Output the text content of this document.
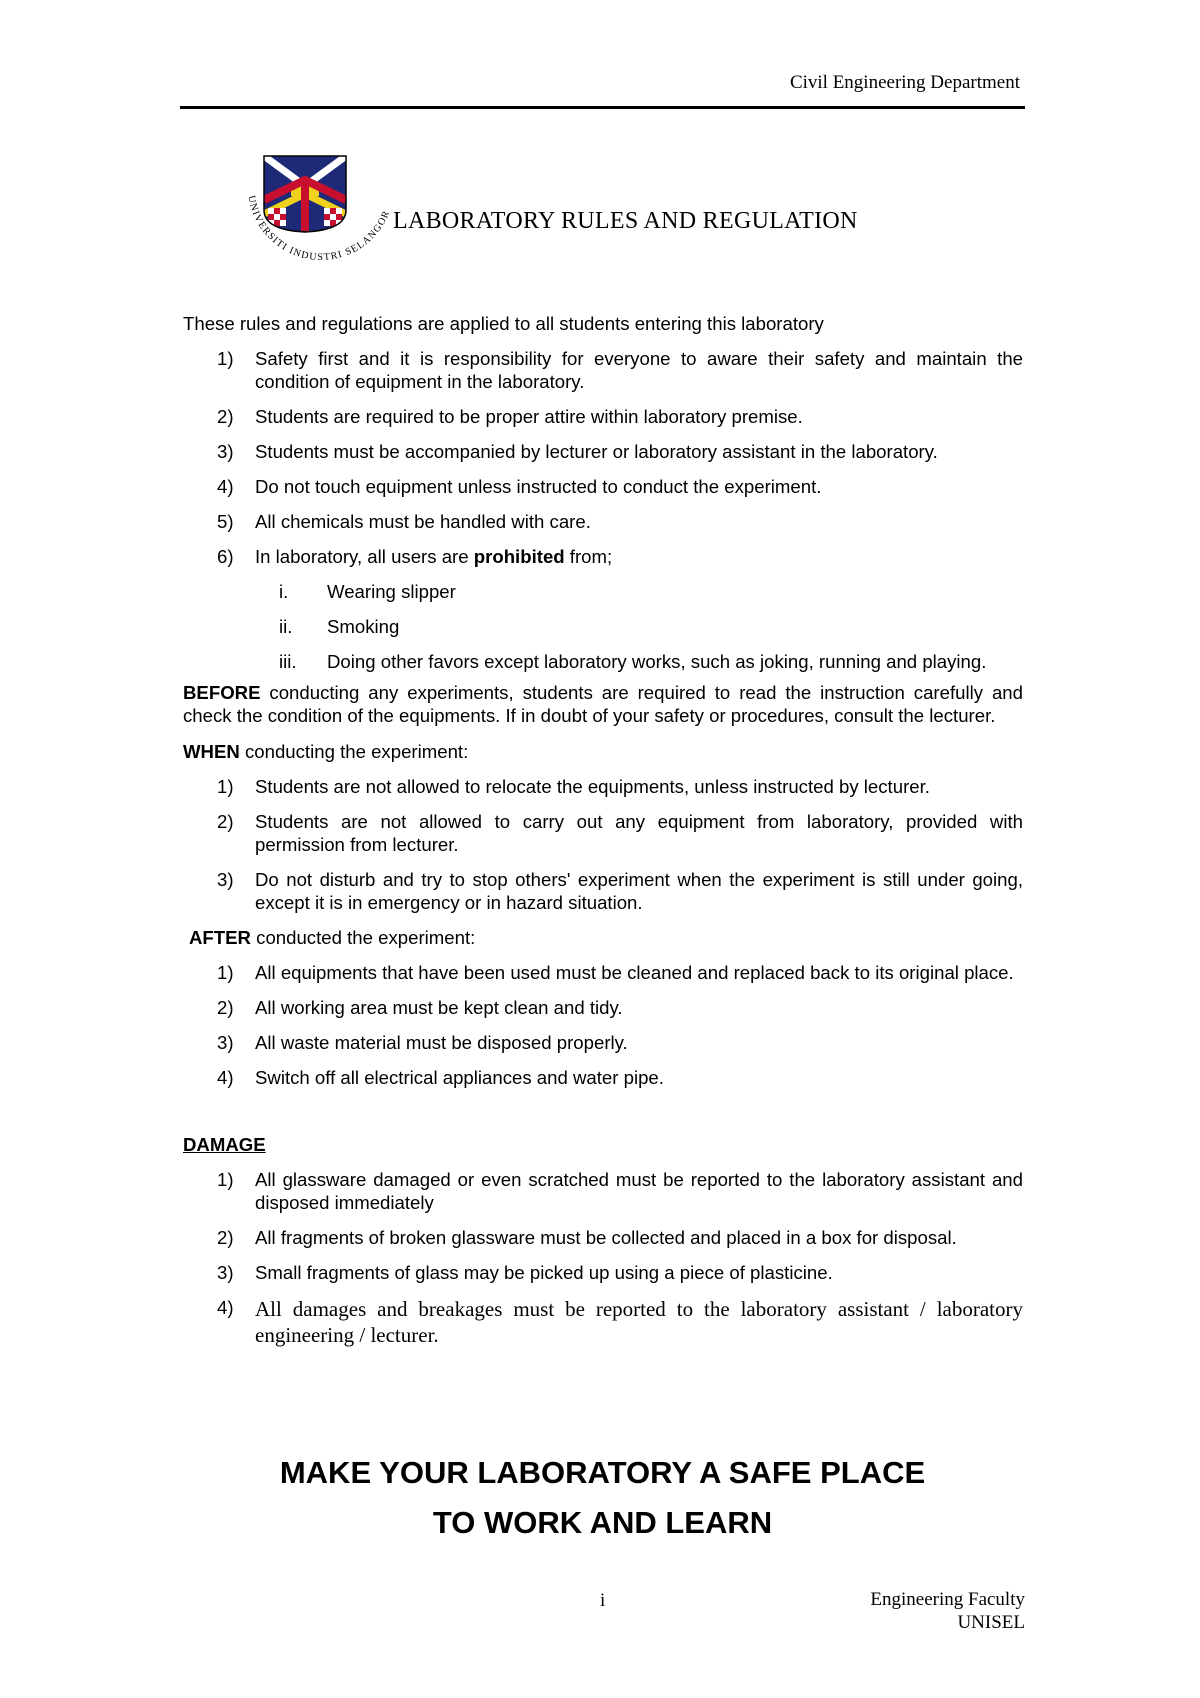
Civil Engineering Department
UNIVERSITI INDUSTRI SELANGOR LABORATORY RULES AND REGULATION

These rules and regulations are applied to all students entering this laboratory

1) Safety first and it is responsibility for everyone to aware their safety and maintain the condition of equipment in the laboratory.
2) Students are required to be proper attire within laboratory premise.
3) Students must be accompanied by lecturer or laboratory assistant in the laboratory.
4) Do not touch equipment unless instructed to conduct the experiment.
5) All chemicals must be handled with care.
6) In laboratory, all users are prohibited from;
i. Wearing slipper
ii. Smoking
iii. Doing other favors except laboratory works, such as joking, running and playing.

BEFORE conducting any experiments, students are required to read the instruction carefully and check the condition of the equipments. If in doubt of your safety or procedures, consult the lecturer.

WHEN conducting the experiment:

1) Students are not allowed to relocate the equipments, unless instructed by lecturer.
2) Students are not allowed to carry out any equipment from laboratory, provided with permission from lecturer.
3) Do not disturb and try to stop others' experiment when the experiment is still under going, except it is in emergency or in hazard situation.

AFTER conducted the experiment:

1) All equipments that have been used must be cleaned and replaced back to its original place.
2) All working area must be kept clean and tidy.
3) All waste material must be disposed properly.
4) Switch off all electrical appliances and water pipe.
DAMAGE
1) All glassware damaged or even scratched must be reported to the laboratory assistant and disposed immediately
2) All fragments of broken glassware must be collected and placed in a box for disposal.
3) Small fragments of glass may be picked up using a piece of plasticine.
4) All damages and breakages must be reported to the laboratory assistant / laboratory engineering / lecturer.
MAKE YOUR LABORATORY A SAFE PLACE
TO WORK AND LEARN
i	Engineering Faculty
UNISEL
